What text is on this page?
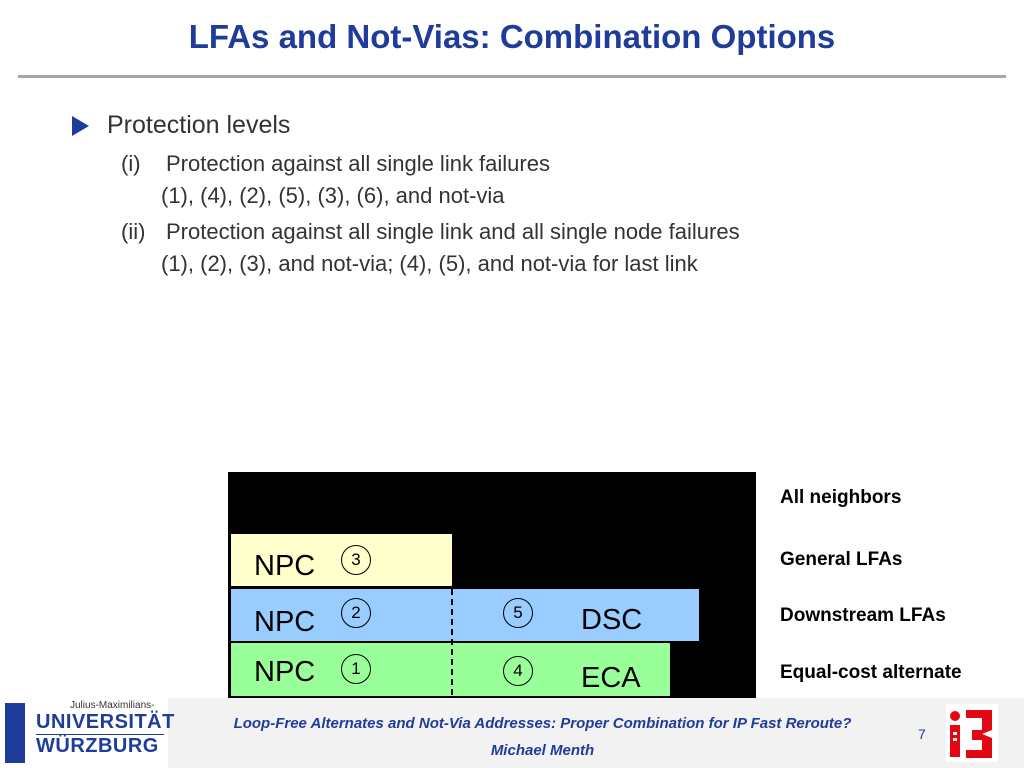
LFAs and Not-Vias: Combination Options
Protection levels
(i) Protection against all single link failures
(1), (4), (2), (5), (3), (6), and not-via
(ii) Protection against all single link and all single node failures
(1), (2), (3), and not-via; (4), (5), and not-via for last link
NPC	3
NPC	2	5	DSC
NPC	1	4	ECA
All neighbors
General LFAs
Downstream LFAs
Equal-cost alternate
Julius-Maximilians-
UNIVERSITÄT
WÜRZBURG
Loop-Free Alternates and Not-Via Addresses: Proper Combination for IP Fast Reroute?
Michael Menth
7
